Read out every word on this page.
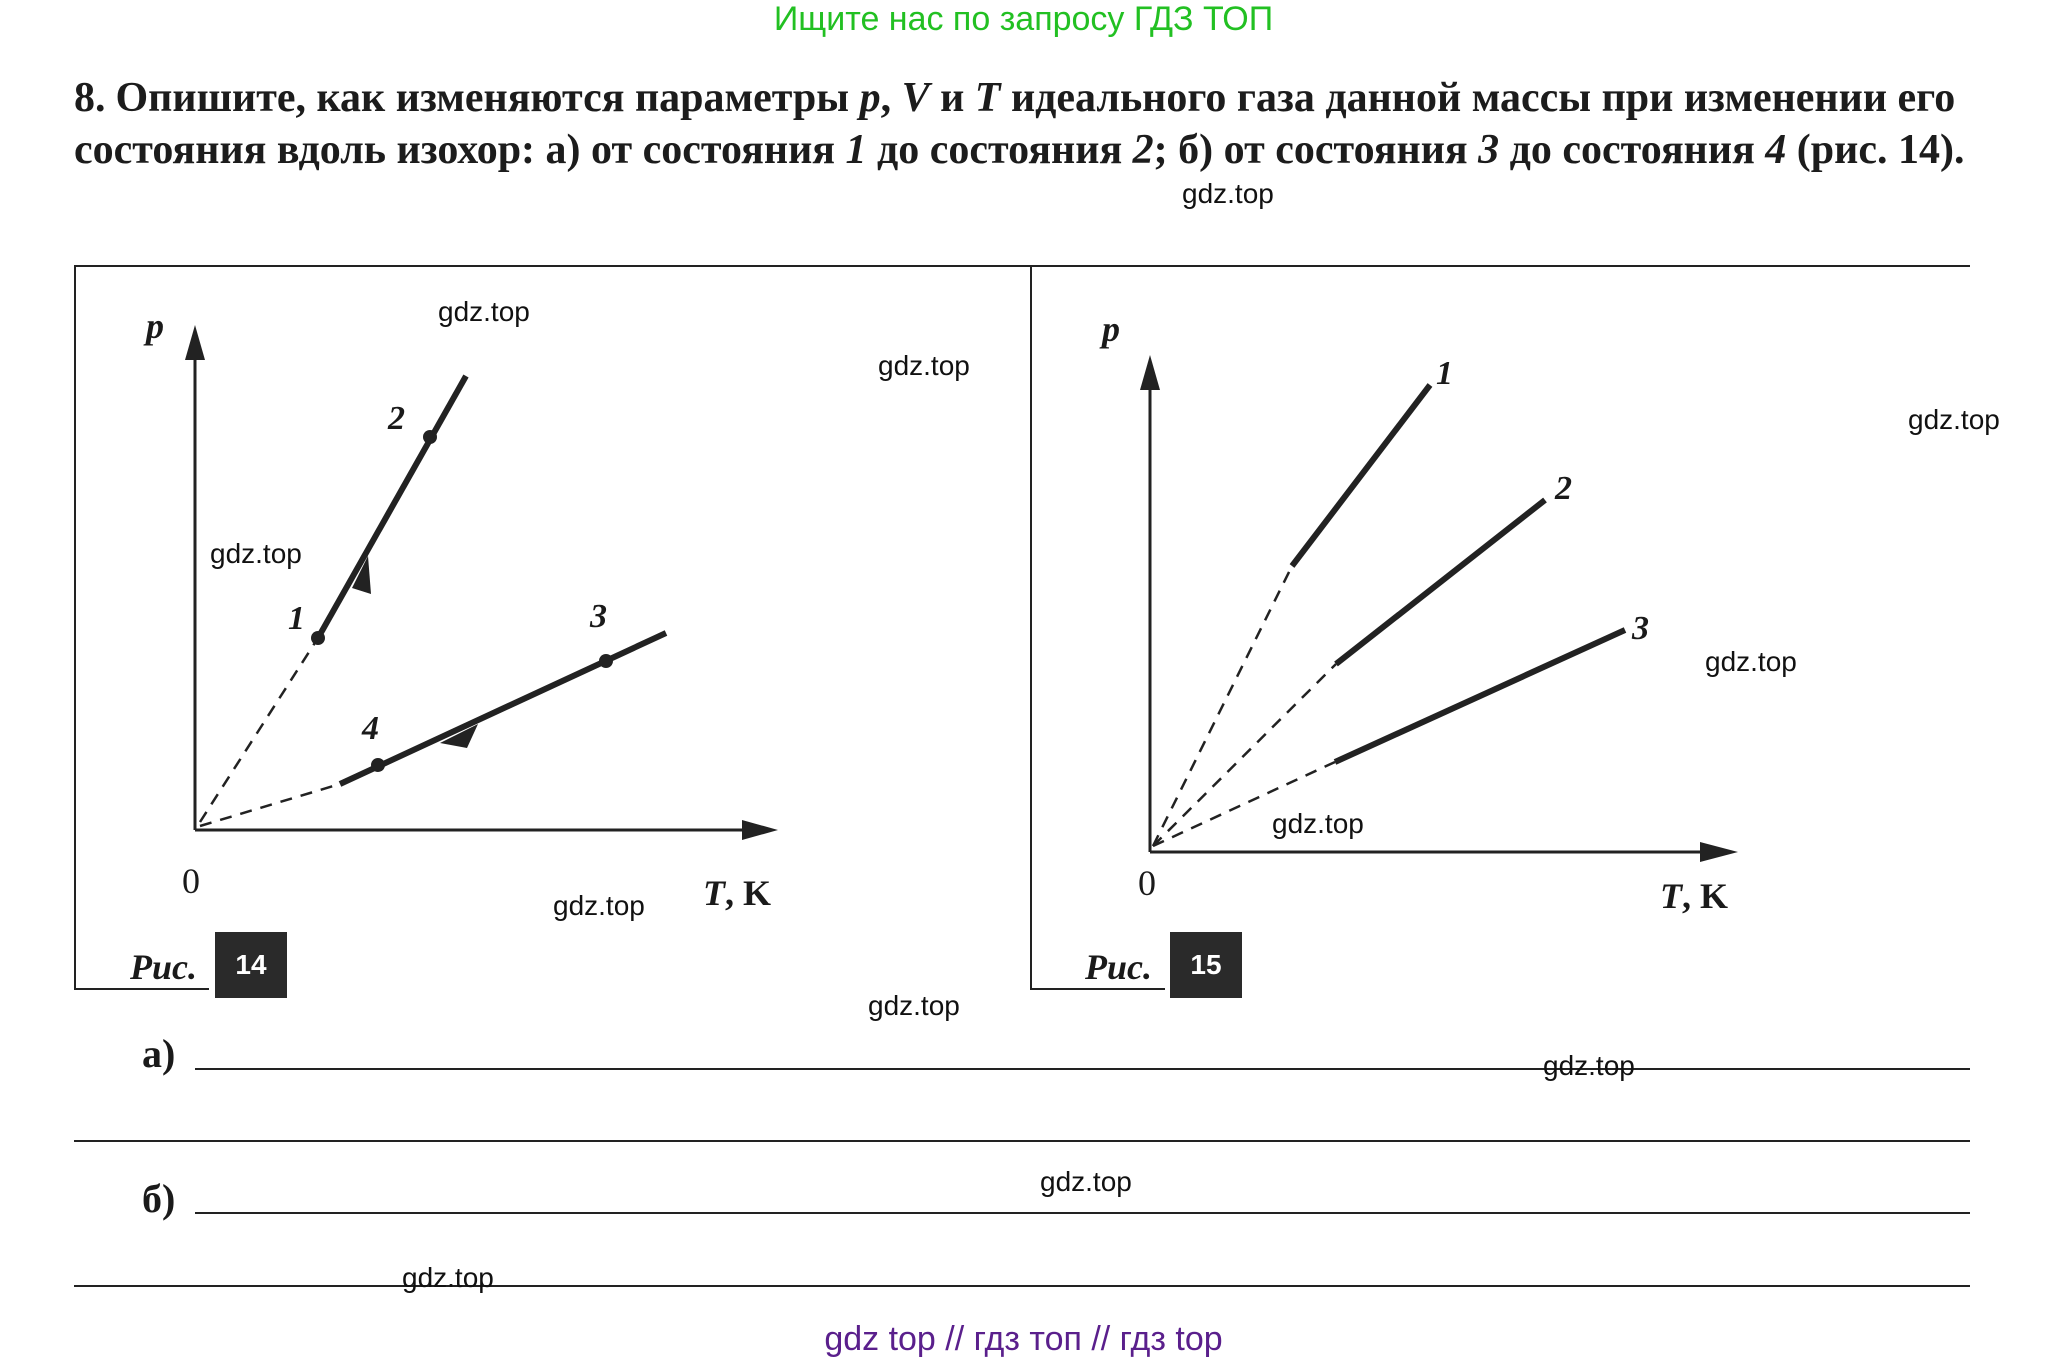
Ищите нас по запросу ГДЗ ТОП
8. Опишите, как изменяются параметры p, V и T идеального газа данной массы при изменении его состояния вдоль изохор: а) от состояния 1 до состояния 2; б) от состояния 3 до состояния 4 (рис. 14).
p
T, K
0
1
2
3
4
Рис.	14
p
T, K
0
1
2
3
Рис.	15
а)
б)
gdz.top
gdz.top
gdz.top
gdz.top
gdz.top
gdz.top
gdz.top
gdz.top
gdz.top
gdz.top
gdz.top
gdz.top
gdz top // гдз топ // гдз top
